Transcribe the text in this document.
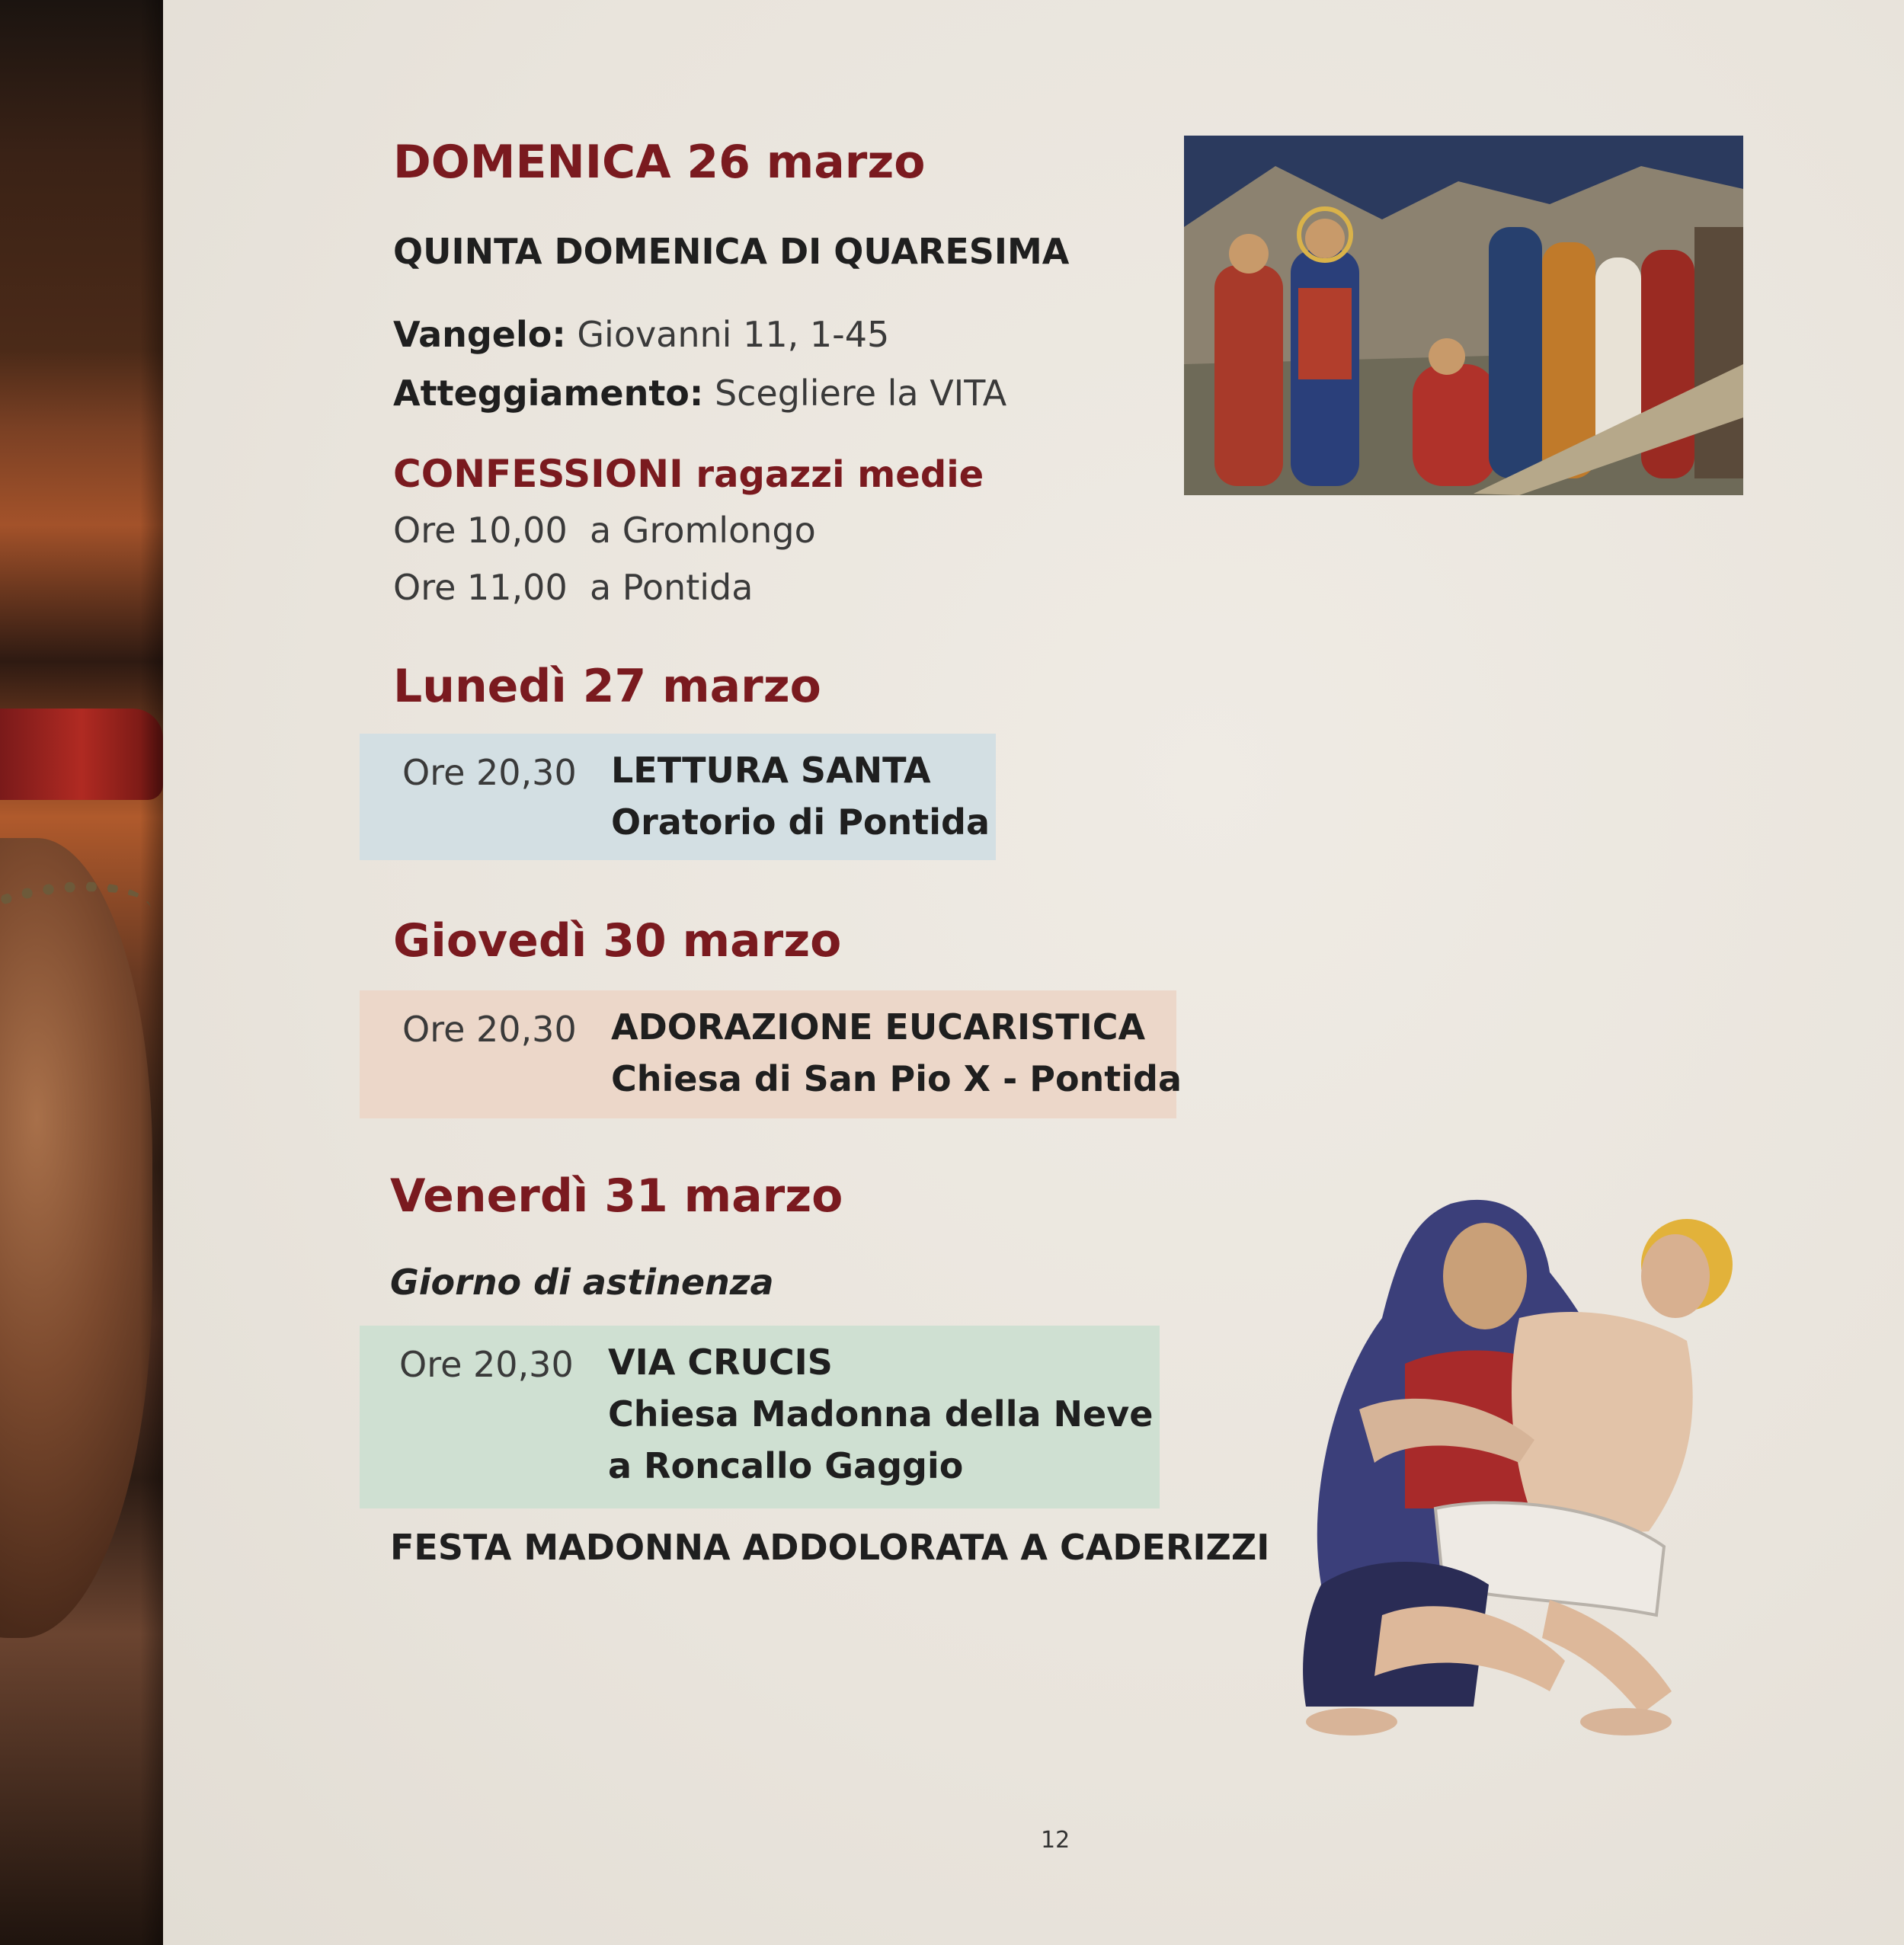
DOMENICA 26 marzo
QUINTA DOMENICA DI QUARESIMA
Vangelo: Giovanni 11, 1-45
Atteggiamento: Scegliere la VITA
CONFESSIONI ragazzi medie
Ore 10,00 a Gromlongo
Ore 11,00 a Pontida
Lunedì 27 marzo
Ore 20,30 LETTURA SANTA
Oratorio di Pontida
Giovedì 30 marzo
Ore 20,30 ADORAZIONE EUCARISTICA
Chiesa di San Pio X - Pontida
Venerdì 31 marzo
Giorno di astinenza
Ore 20,30 VIA CRUCIS
Chiesa Madonna della Neve
a Roncallo Gaggio
FESTA MADONNA ADDOLORATA A CADERIZZI
12
